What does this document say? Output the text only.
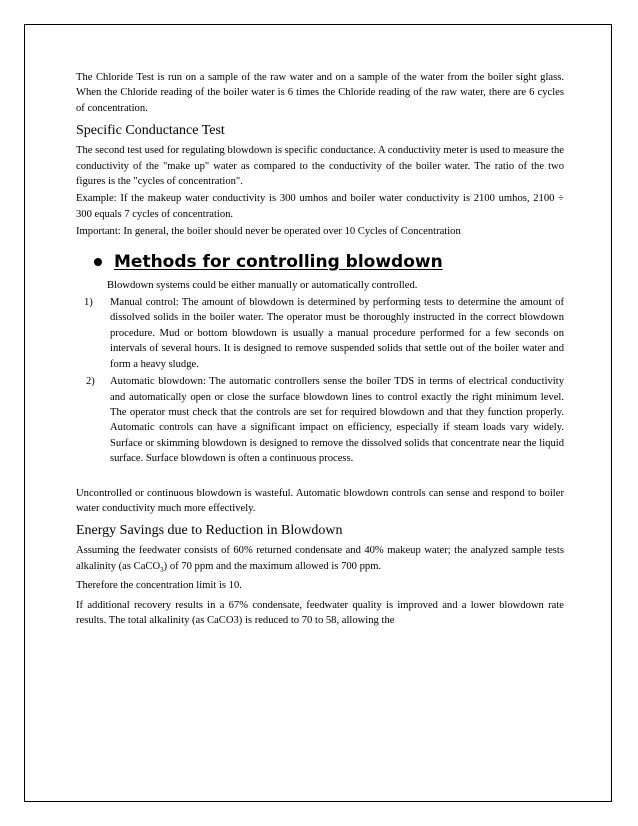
The Chloride Test is run on a sample of the raw water and on a sample of the water from the boiler sight glass. When the Chloride reading of the boiler water is 6 times the Chloride reading of the raw water, there are 6 cycles of concentration.

Specific Conductance Test

The second test used for regulating blowdown is specific conductance. A conductivity meter is used to measure the conductivity of the "make up" water as compared to the conductivity of the boiler water. The ratio of the two figures is the "cycles of concentration".

Example: If the makeup water conductivity is 300 umhos and boiler water conductivity is 2100 umhos, 2100 ÷ 300 equals 7 cycles of concentration.

Important: In general, the boiler should never be operated over 10 Cycles of Concentration

Methods for controlling blowdown

Blowdown systems could be either manually or automatically controlled.

1)	Manual control: The amount of blowdown is determined by performing tests to determine the amount of dissolved solids in the boiler water. The operator must be thoroughly instructed in the correct blowdown procedure. Mud or bottom blowdown is usually a manual procedure performed for a few seconds on intervals of several hours. It is designed to remove suspended solids that settle out of the boiler water and form a heavy sludge.
2)	Automatic blowdown: The automatic controllers sense the boiler TDS in terms of electrical conductivity and automatically open or close the surface blowdown lines to control exactly the right minimum level. The operator must check that the controls are set for required blowdown and that they function properly. Automatic controls can have a significant impact on efficiency, especially if steam loads vary widely. Surface or skimming blowdown is designed to remove the dissolved solids that concentrate near the liquid surface. Surface blowdown is often a continuous process.

Uncontrolled or continuous blowdown is wasteful. Automatic blowdown controls can sense and respond to boiler water conductivity much more effectively.

Energy Savings due to Reduction in Blowdown

Assuming the feedwater consists of 60% returned condensate and 40% makeup water; the analyzed sample tests alkalinity (as CaCO$_3$) of 70 ppm and the maximum allowed is 700 ppm.

Therefore the concentration limit is 10.

If additional recovery results in a 67% condensate, feedwater quality is improved and a lower blowdown rate results. The total alkalinity (as CaCO3) is reduced to 70 to 58, allowing the
